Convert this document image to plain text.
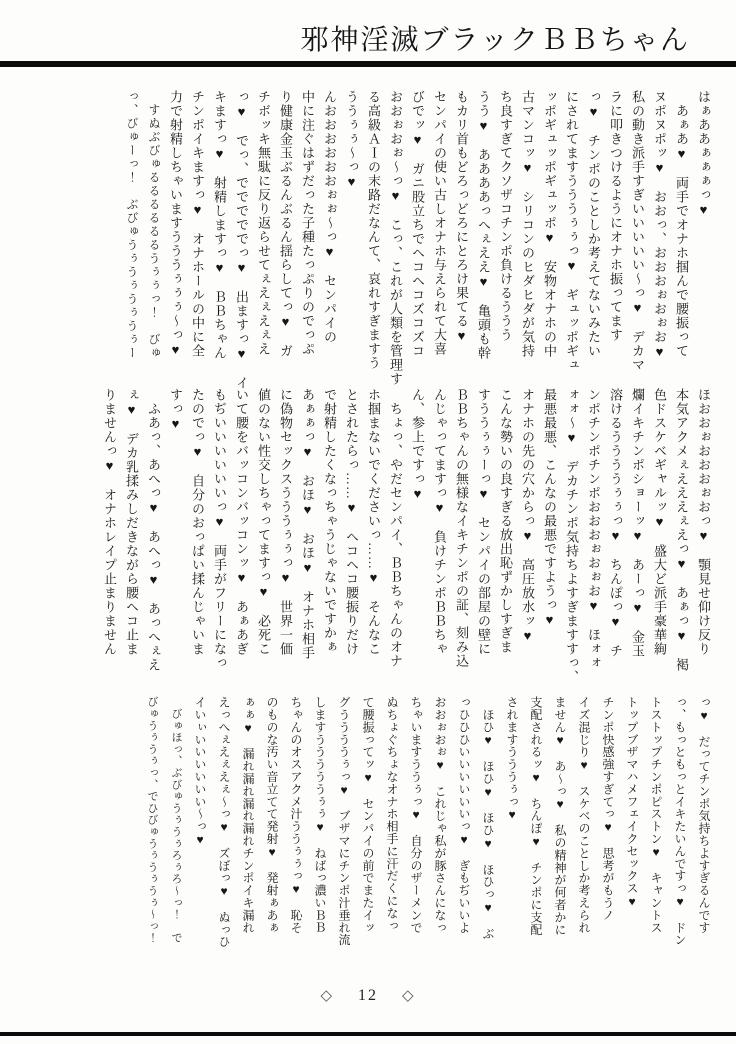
邪神淫滅ブラックＢＢちゃん
はぁああぁぁぁっ♥
　あぁあ♥　両手でオナホ掴んで腰振って
ヌポヌポッ♥　おおっ、おおおぉおぉお♥
私の動き派手すぎいいいいい～っ♥　デカマ
ラに叩きつけるようにオナホ振ってます
っ♥　チンポのことしか考えてないみたい
にされてますうううぅぅっ♥　ギュッポギュ
ッポギュッポギュッポ♥　安物オナホの中
古マンコッ♥　シリコンのヒダヒダが気持
ち良すぎてクソザコチンポ負けるううう
うう♥　ああああっへぇええ♥　亀頭も幹
もカリ首もどろっどろにとろけ果てる♥
センパイの使い古しオナホ与えられて大喜
びでッ♥　ガニ股立ちでヘコヘコズコズコ
おおぉおぉ～っ♥　こっ、これが人類を管理す
る高級ＡＩの末路だなんて、哀れすぎますう
ううぅぅ～っ♥
んおおおおおおぉぉ～っ♥　センパイの
中に注ぐはずだった子種たっぷりのでっぷ
り健康金玉ぶるんぶるん揺らしてっ♥　ガ
チボッキ無駄に反り返らせてぇえぇえぇえ
っ♥　でっ、でででででっ♥　出ますっ♥　イ
キますっ♥　射精しますっ♥　ＢＢちゃん
チンポイキますっ♥　オナホールの中に全
力で射精しちゃいますうううぅぅぅ～っ♥
　すぬぶびゅるるるるるるうぅぅっ！　びゅ
っ、びゅーっ！　ぶびゅうぅうぅうぅうぅー
ほおおぉおおおぉおっ♥　顎見せ仰け反り
本気アクメぇえええぇえっ♥　あぁっ♥　褐
色ドスケベギャルッ♥　盛大ど派手豪華絢
爛イキチンポショーッ♥　あーっ♥　金玉
溶けるううううぅぅっ♥　ちんぽっ♥　チ
ンポチンポチンポおおおぉおぉお♥　ほォォ
ォォ～♥　デカチンポ気持ちよすぎますすっ、
最悪最悪、こんなの最悪ですようっ♥
オナホの先の穴からっ♥　高圧放水ッ♥
こんな勢いの良すぎる放出恥ずかしすぎま
すううぅぅーっ♥　センパイの部屋の壁に
ＢＢちゃんの無様なイキチンポの証、刻み込
んじゃってますっ♥　負けチンポＢＢちゃ
ん、参上ですっ♥
　ちょっ、やだセンパイ、ＢＢちゃんのオナ
ホ掴まないでくださいっ……♥　そんなこ
とされたらっ……♥　ヘコヘコ腰振りだけ
で射精したくなっちゃうじゃないですかぁ
あぁぁっ♥　おほ♥　おほ♥　オナホ相手
に偽物セックスうううぅぅっ♥　世界一価
値のない性交しちゃってますっ♥　必死こ
いて腰をバッコンバッコンッ♥　あぁあぎ
もぢいいいいいいっ♥　両手がフリーになっ
たのでっ♥　自分のおっぱい揉んじゃいま
すっ♥
　ふあっ、あへっ♥　あへっ♥　あっへぇえ
ぇ♥　デカ乳揉みしだきながら腰ヘコ止ま
りませんっ♥　オナホレイプ止まりません
っ♥　だってチンポ気持ちよすぎるんです
っ、もっともっとイキたいんですっ♥　ドン
トストップチンポピストン♥　キャントス
トップブザマハメフェイクセックス♥
チンポ快感強すぎてっ♥　思考がもうノ
イズ混じり♥　スケベのことしか考えられ
ません♥　あ～っ♥　私の精神が何者かに
支配されるッ♥　ちんぽ♥　チンポに支配
されますうううぅっ♥
　ほひ♥　ほひ♥　ほひ♥　ほひっ♥　ぶ
っひひひいいいいいいっ♥　ぎもぢいいよ
おおぉおぉ♥　これじゃ私が豚さんになっ
ちゃいますううぅっ♥　自分のザーメンで
ぬちょぐちょなオナホ相手に汗だくになっ
て腰振ってッ♥　センパイの前でまたイッ
グううううぅっ♥　ブザマにチンポ汁垂れ流
しますうううううぅぅ♥　ねばっ濃いＢＢ
ちゃんのオスアクメ汁ううぅぅっ♥　恥そ
のものな汚い音立てて発射♥　発射ぁあぁ
ぁぁ♥　漏れ漏れ漏れ漏れチンポイキ漏れ
えっへぇえぇえぇ～っ♥　ズぼっ♥　ぬっひ
イいぃいいいいいい～っ♥
　びゅほっ、ぶびゅうぅうぅろぅろ～っ！　で
びゅうぅうぅっ、でひびゅうぅうぅうぅ～っ！
◇ 12 ◇
